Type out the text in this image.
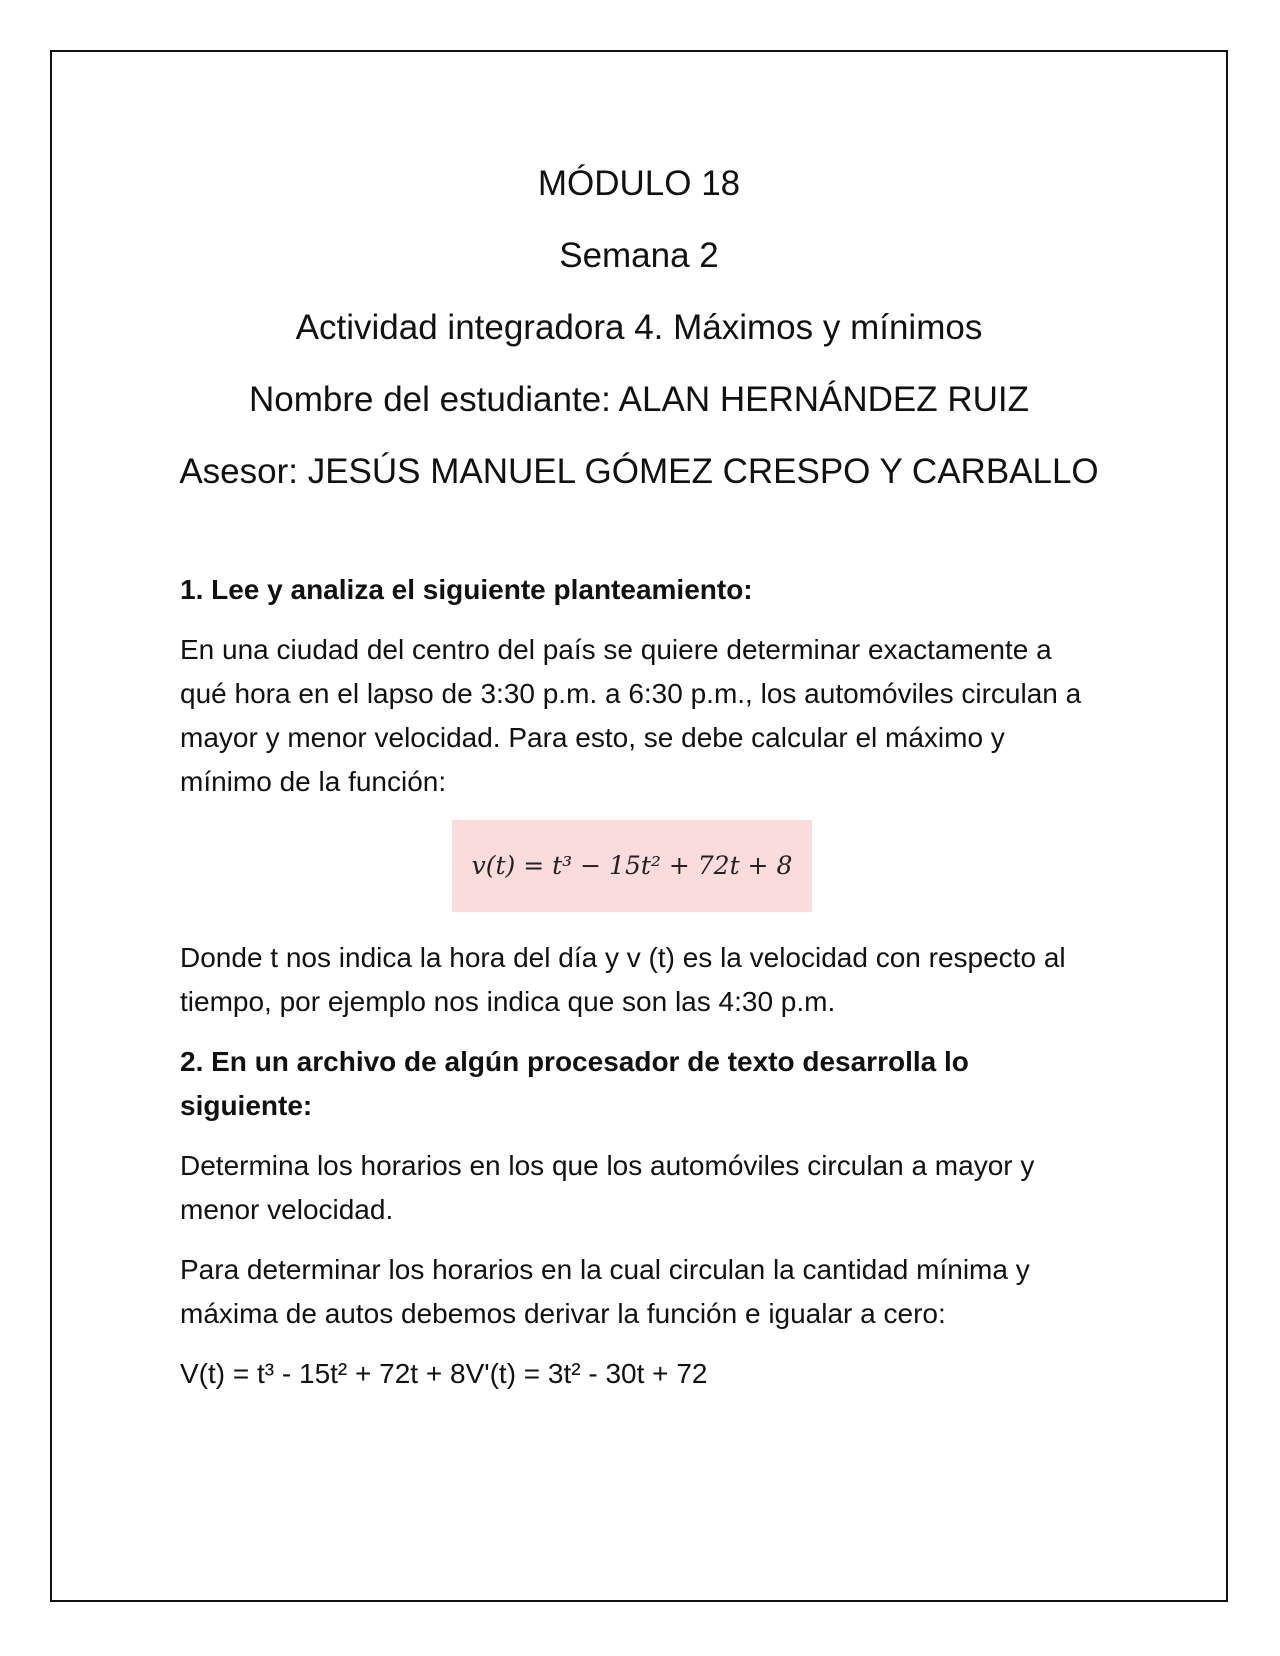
MÓDULO 18
Semana 2
Actividad integradora 4. Máximos y mínimos
Nombre del estudiante: ALAN HERNÁNDEZ RUIZ
Asesor: JESÚS MANUEL GÓMEZ CRESPO Y CARBALLO

1. Lee y analiza el siguiente planteamiento:

En una ciudad del centro del país se quiere determinar exactamente a qué hora en el lapso de 3:30 p.m. a 6:30 p.m., los automóviles circulan a mayor y menor velocidad. Para esto, se debe calcular el máximo y mínimo de la función:

v(t) = t³ − 15t² + 72t + 8

Donde t nos indica la hora del día y v (t) es la velocidad con respecto al tiempo, por ejemplo nos indica que son las 4:30 p.m.

2. En un archivo de algún procesador de texto desarrolla lo siguiente:

Determina los horarios en los que los automóviles circulan a mayor y menor velocidad.

Para determinar los horarios en la cual circulan la cantidad mínima y máxima de autos debemos derivar la función e igualar a cero:

V(t) = t³ - 15t² + 72t + 8V'(t) = 3t² - 30t + 72
